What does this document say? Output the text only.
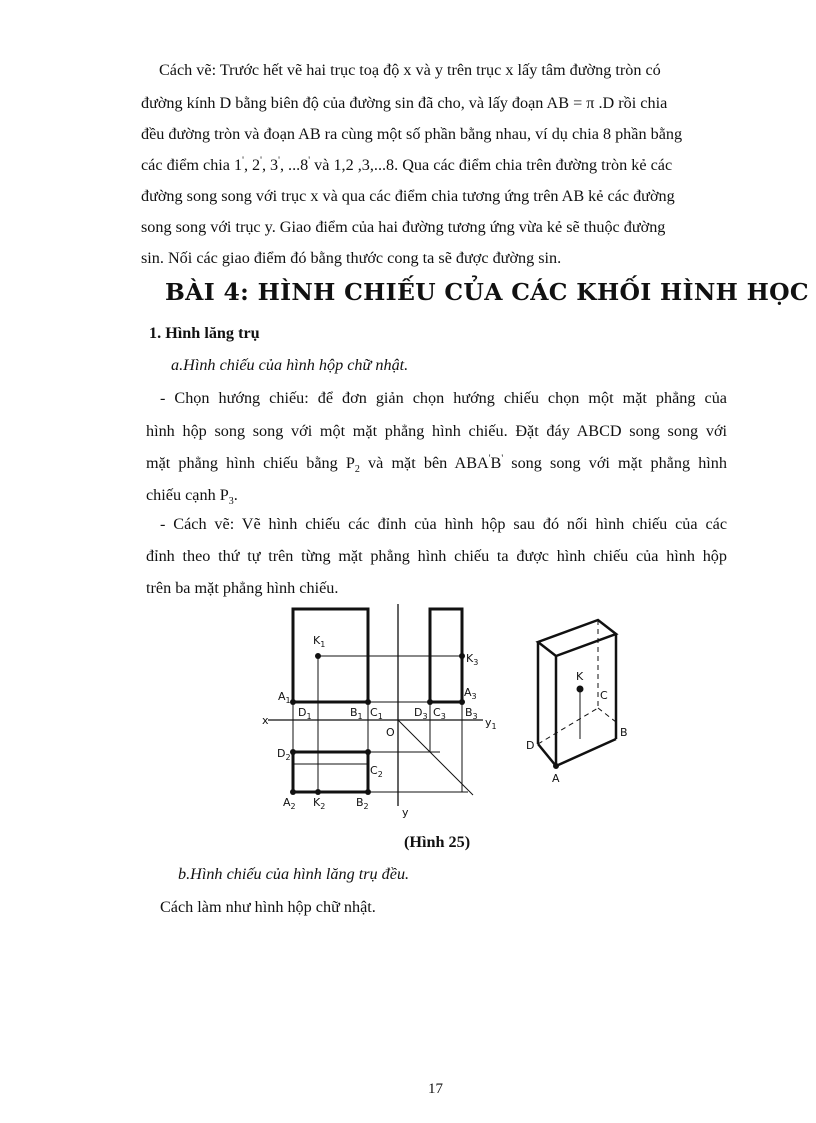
Cách vẽ: Trước hết vẽ hai trục toạ độ x và y trên trục x lấy tâm đường tròn có
đường kính D bằng biên độ của đường sin đã cho, và lấy đoạn AB = π .D rồi chia
đều đường tròn và đoạn AB ra cùng một số phần bằng nhau, ví dụ chia 8 phần bằng
các điểm chia 1', 2', 3', ...8' và 1,2 ,3,...8. Qua các điểm chia trên đường tròn kẻ các
đường song song với trục x và qua các điểm chia tương ứng trên AB kẻ các đường
song song với trục y. Giao điểm của hai đường tương ứng vừa kẻ sẽ thuộc đường
sin. Nối các giao điểm đó bằng thước cong ta sẽ được đường sin.
BÀI 4: HÌNH CHIẾU CỦA CÁC KHỐI HÌNH HỌC
1. Hình lăng trụ
a.Hình chiếu của hình hộp chữ nhật.
- Chọn hướng chiếu: để đơn giản chọn hướng chiếu chọn một mặt phẳng của
hình hộp song song với một mặt phẳng hình chiếu. Đặt đáy ABCD song song với
mặt phẳng hình chiếu bằng $P_2$ và mặt bên ABA'B' song song với mặt phẳng hình
chiếu cạnh $P_3$.
- Cách vẽ: Vẽ hình chiếu các đỉnh của hình hộp sau đó nối hình chiếu của các
đỉnh theo thứ tự trên từng mặt phẳng hình chiếu ta được hình chiếu của hình hộp
trên ba mặt phẳng hình chiếu.
$K_1$
$K_3$
$A_1$
$A_3$
$D_1$	$B_1$ $C_1$	$D_3$ $C_3$ $B_3$
x	$y_1$
O
$D_2$
$C_2$
$A_2$ $K_2$	$B_2$	y
K
C
D
B
A
(Hình 25)
b.Hình chiếu của hình lăng trụ đều.
Cách làm như hình hộp chữ nhật.
17
